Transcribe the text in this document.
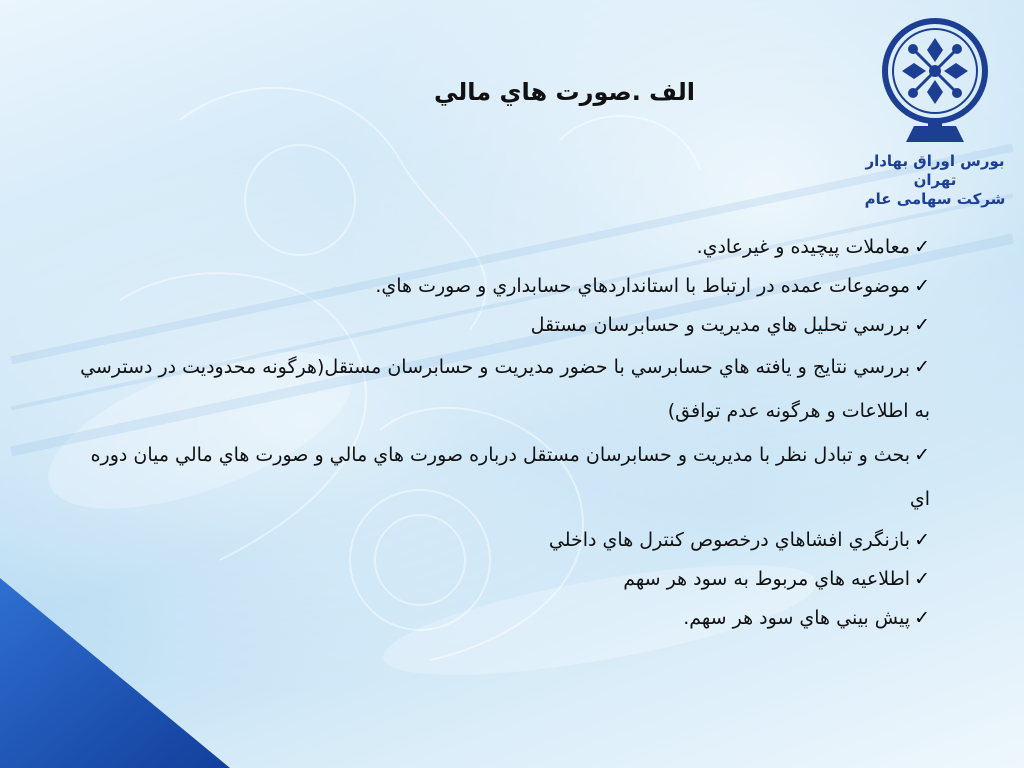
بورس اوراق بهادار تهران
شرکت سهامی عام
الف .صورت هاي مالي
✓معاملات پيچيده و غيرعادي.
✓موضوعات عمده در ارتباط با استانداردهاي حسابداري و صورت هاي.
✓بررسي تحليل هاي مديريت و حسابرسان مستقل
✓بررسي نتايج و يافته هاي حسابرسي با حضور مديريت و حسابرسان مستقل(هرگونه محدوديت در دسترسي به اطلاعات و هرگونه عدم توافق)
✓بحث و تبادل نظر با مديريت و حسابرسان مستقل درباره صورت هاي مالي و صورت هاي مالي ميان دوره اي
✓بازنگري افشاهاي درخصوص كنترل هاي داخلي
✓اطلاعيه هاي مربوط به سود هر سهم
✓پيش بيني هاي سود هر سهم.
